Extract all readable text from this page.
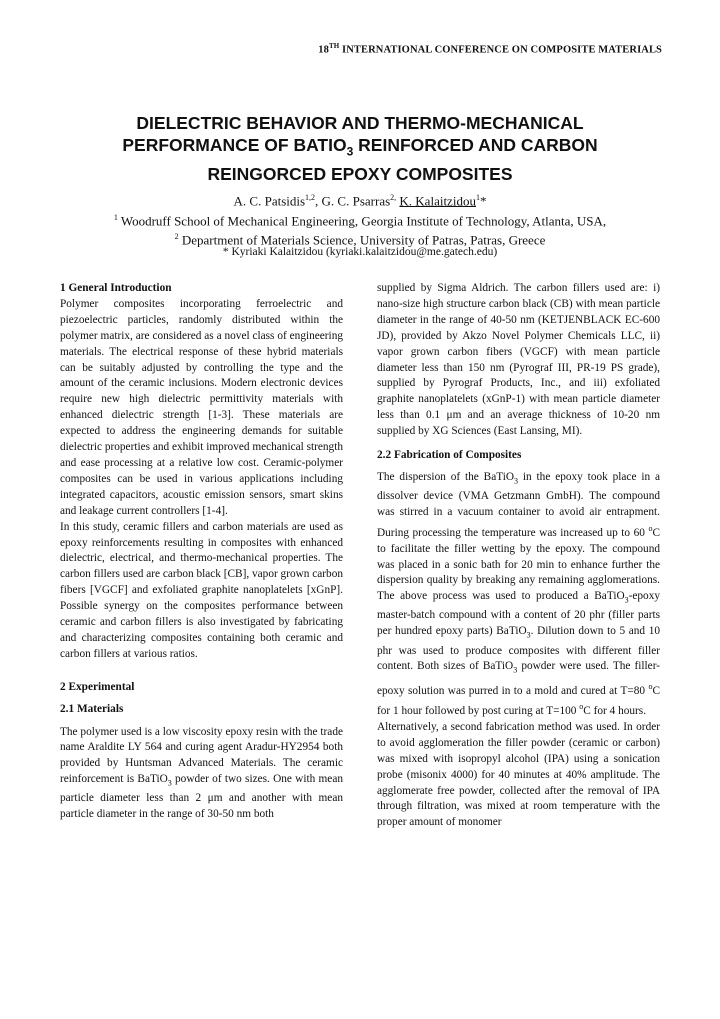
18TH INTERNATIONAL CONFERENCE ON COMPOSITE MATERIALS
DIELECTRIC BEHAVIOR AND THERMO-MECHANICAL
PERFORMANCE OF $BATIO_3$ REINFORCED AND CARBON
REINGORCED EPOXY COMPOSITES
A. C. Patsidis$^{1,2}$, G. C. Psarras$^{2,}$ K. Kalaitzidou$^1$*
$^1$ Woodruff School of Mechanical Engineering, Georgia Institute of Technology, Atlanta, USA,
$^2$ Department of Materials Science, University of Patras, Patras, Greece
* Kyriaki Kalaitzidou (kyriaki.kalaitzidou@me.gatech.edu)

1 General Introduction

Polymer composites incorporating ferroelectric and piezoelectric particles, randomly distributed within the polymer matrix, are considered as a novel class of engineering materials. The electrical response of these hybrid materials can be suitably adjusted by controlling the type and the amount of the ceramic inclusions. Modern electronic devices require new high dielectric permittivity materials with enhanced dielectric strength [1-3]. These materials are expected to address the engineering demands for suitable dielectric properties and exhibit improved mechanical strength and ease processing at a relative low cost. Ceramic-polymer composites can be used in various applications including integrated capacitors, acoustic emission sensors, smart skins and leakage current controllers [1-4].

In this study, ceramic fillers and carbon materials are used as epoxy reinforcements resulting in composites with enhanced dielectric, electrical, and thermo-mechanical properties. The carbon fillers used are carbon black [CB], vapor grown carbon fibers [VGCF] and exfoliated graphite nanoplatelets [xGnP]. Possible synergy on the composites performance between ceramic and carbon fillers is also investigated by fabricating and characterizing composites containing both ceramic and carbon fillers at various ratios.

2 Experimental

2.1 Materials

The polymer used is a low viscosity epoxy resin with the trade name Araldite LY 564 and curing agent Aradur-HY2954 both provided by Huntsman Advanced Materials. The ceramic reinforcement is BaTiO$_3$ powder of two sizes. One with mean particle diameter less than 2 μm and another with mean particle diameter in the range of 30-50 nm both

supplied by Sigma Aldrich. The carbon fillers used are: i) nano-size high structure carbon black (CB) with mean particle diameter in the range of 40-50 nm (KETJENBLACK EC-600 JD), provided by Akzo Novel Polymer Chemicals LLC, ii) vapor grown carbon fibers (VGCF) with mean particle diameter less than 150 nm (Pyrograf III, PR-19 PS grade), supplied by Pyrograf Products, Inc., and iii) exfoliated graphite nanoplatelets (xGnP-1) with mean particle diameter less than 0.1 μm and an average thickness of 10-20 nm supplied by XG Sciences (East Lansing, MI).

2.2 Fabrication of Composites

The dispersion of the BaTiO$_3$ in the epoxy took place in a dissolver device (VMA Getzmann GmbH). The compound was stirred in a vacuum container to avoid air entrapment. During processing the temperature was increased up to 60 $^o$C to facilitate the filler wetting by the epoxy. The compound was placed in a sonic bath for 20 min to enhance further the dispersion quality by breaking any remaining agglomerations. The above process was used to produced a BaTiO$_3$-epoxy master-batch compound with a content of 20 phr (filler parts per hundred epoxy parts) BaTiO$_3$. Dilution down to 5 and 10 phr was used to produce composites with different filler content. Both sizes of BaTiO$_3$ powder were used. The filler-epoxy solution was purred in to a mold and cured at T=80 $^o$C for 1 hour followed by post curing at T=100 $^o$C for 4 hours.

Alternatively, a second fabrication method was used. In order to avoid agglomeration the filler powder (ceramic or carbon) was mixed with isopropyl alcohol (IPA) using a sonication probe (misonix 4000) for 40 minutes at 40% amplitude. The agglomerate free powder, collected after the removal of IPA through filtration, was mixed at room temperature with the proper amount of monomer
